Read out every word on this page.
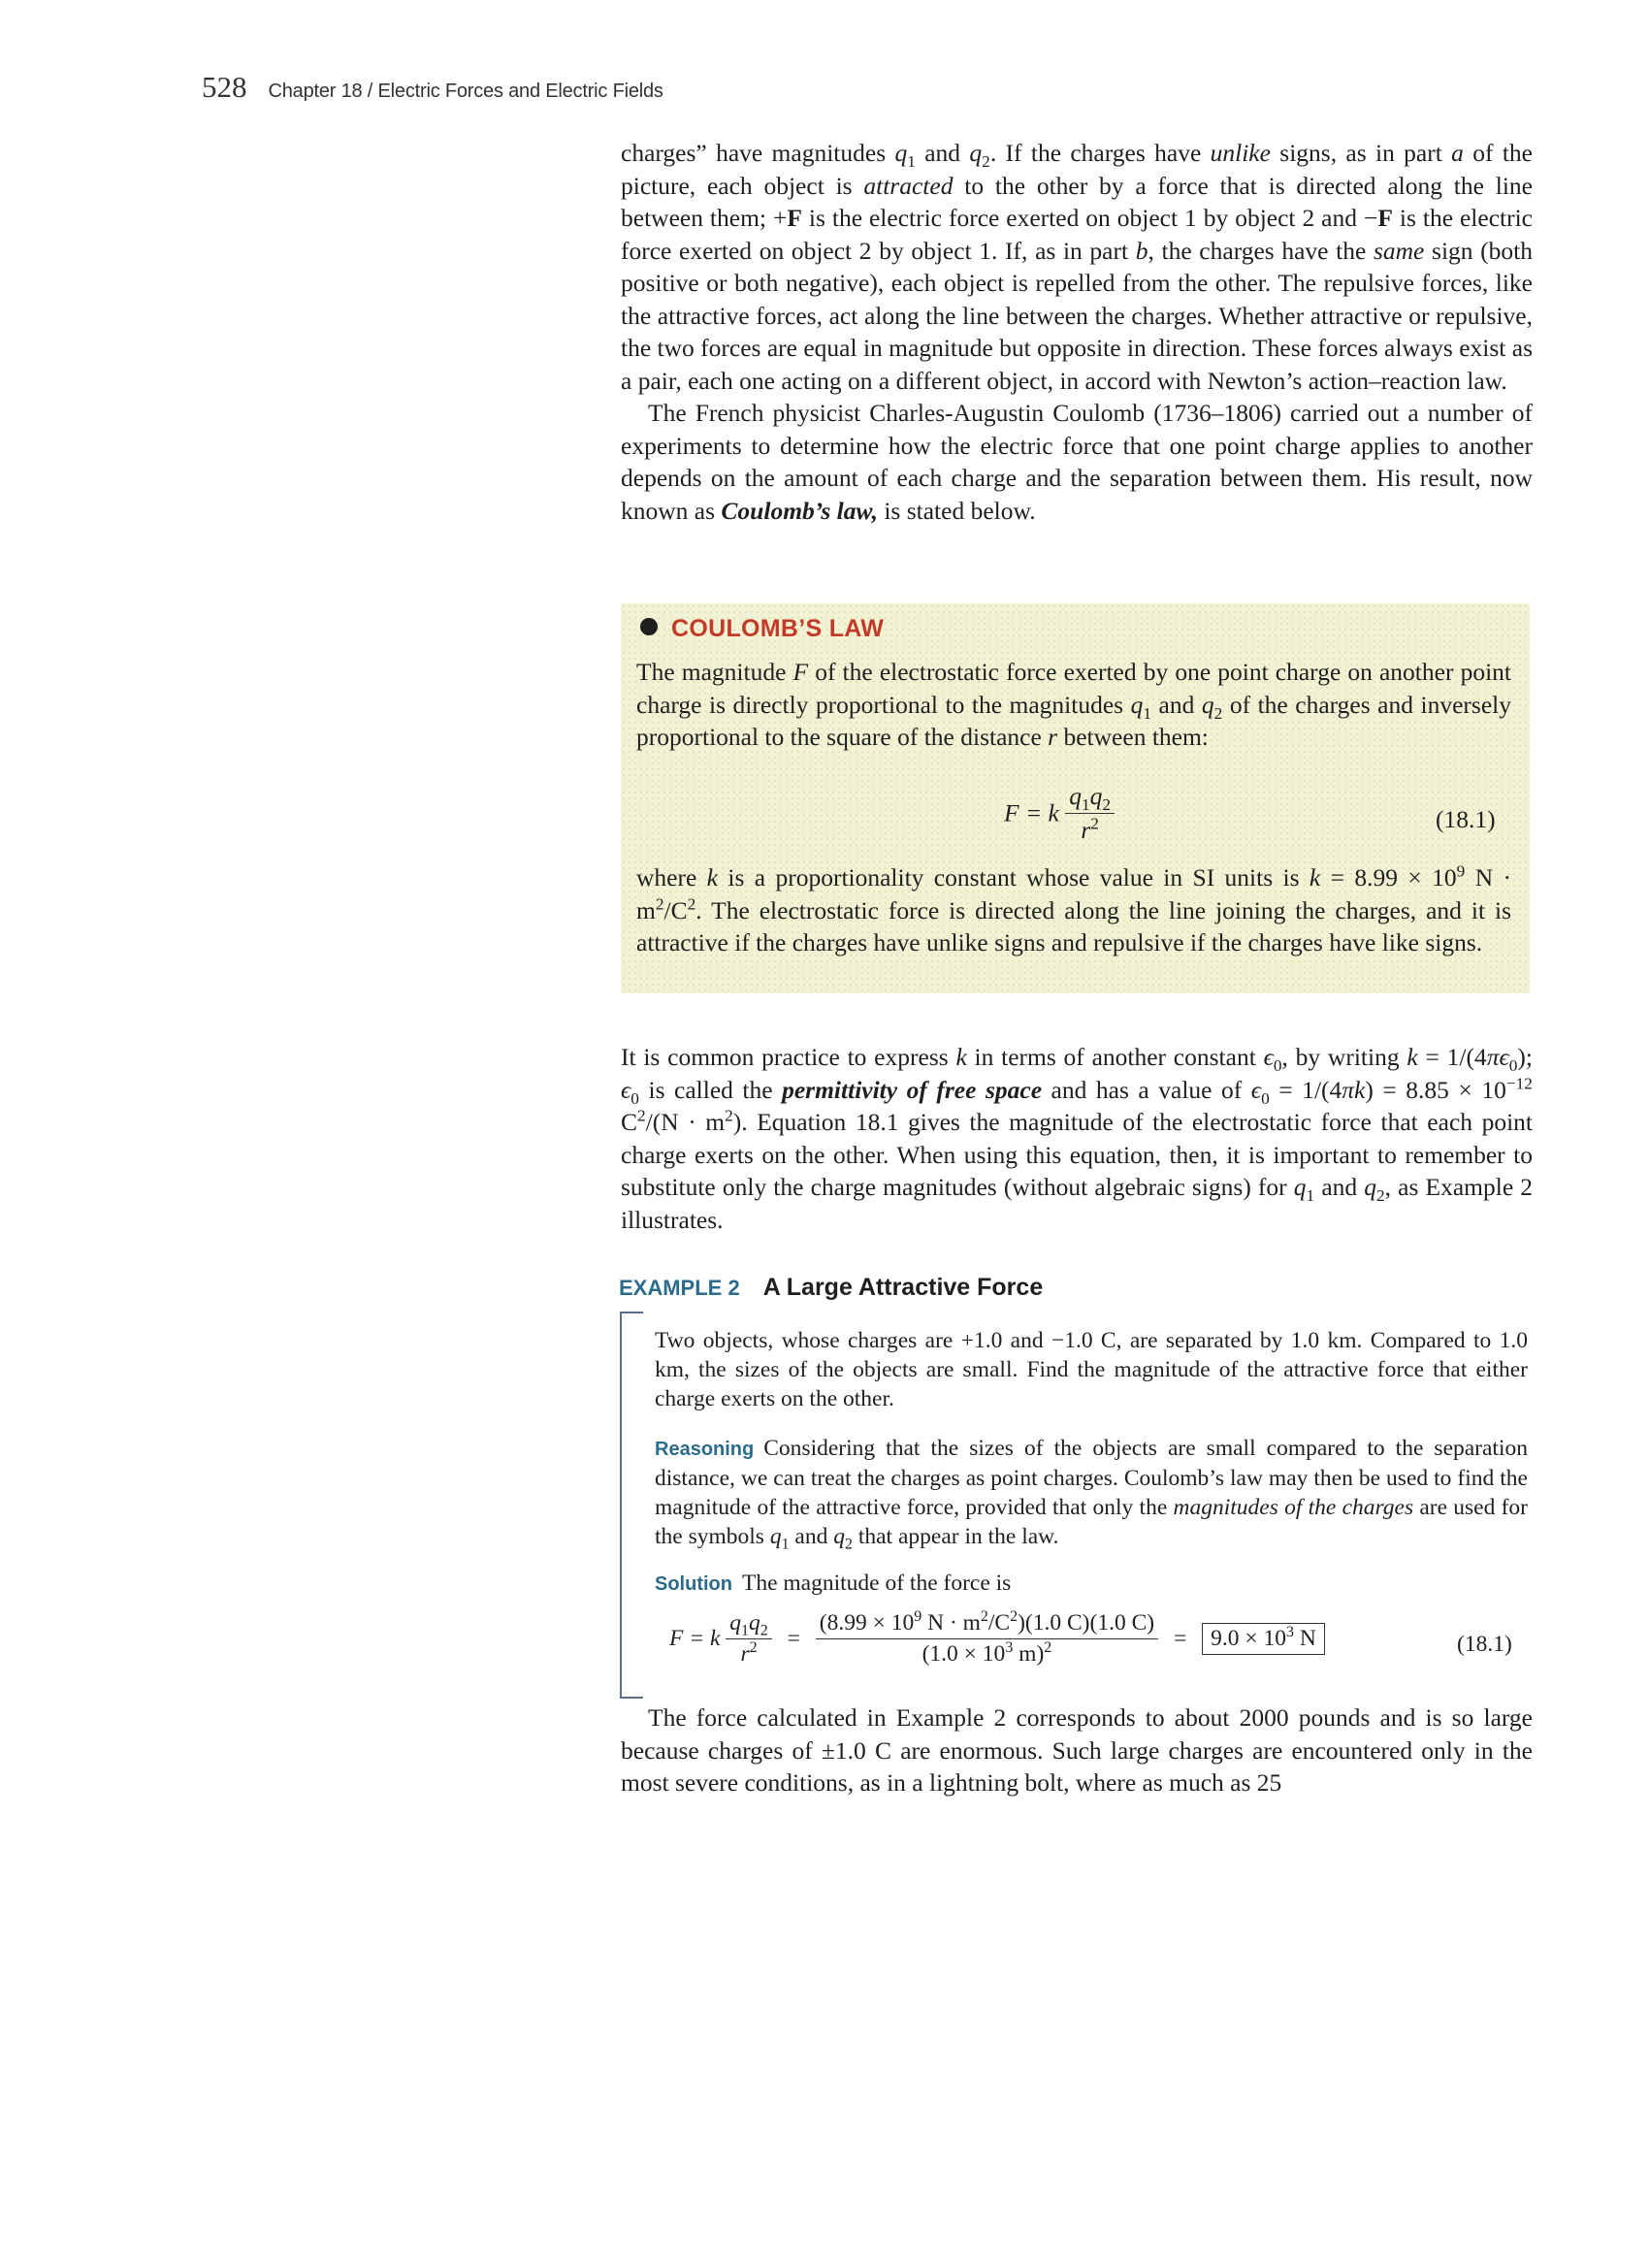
528 Chapter 18 / Electric Forces and Electric Fields

charges” have magnitudes $q_1$ and $q_2$. If the charges have unlike signs, as in part a of the picture, each object is attracted to the other by a force that is directed along the line between them; +F is the electric force exerted on object 1 by object 2 and −F is the electric force exerted on object 2 by object 1. If, as in part b, the charges have the same sign (both positive or both negative), each object is repelled from the other. The repulsive forces, like the attractive forces, act along the line between the charges. Whether attractive or repulsive, the two forces are equal in magnitude but opposite in direction. These forces always exist as a pair, each one acting on a different object, in accord with Newton’s action–reaction law.

The French physicist Charles-Augustin Coulomb (1736–1806) carried out a number of experiments to determine how the electric force that one point charge applies to another depends on the amount of each charge and the separation between them. His result, now known as Coulomb’s law, is stated below.

COULOMB’S LAW

The magnitude F of the electrostatic force exerted by one point charge on another point charge is directly proportional to the magnitudes $q_1$ and $q_2$ of the charges and inversely proportional to the square of the distance r between them:

F = k $\frac{q_1q_2}{r^2}$	(18.1)

where k is a proportionality constant whose value in SI units is $k = 8.99 \times 10^9$ $N \cdot m^2/C^2$. The electrostatic force is directed along the line joining the charges, and it is attractive if the charges have unlike signs and repulsive if the charges have like signs.

It is common practice to express k in terms of another constant $\epsilon_0$, by writing $k = 1/(4\pi\epsilon_0)$; $\epsilon_0$ is called the permittivity of free space and has a value of $\epsilon_0 = 1/(4\pi k) = 8.85 \times 10^{-12}$ $C^2/(N \cdot m^2)$. Equation 18.1 gives the magnitude of the electrostatic force that each point charge exerts on the other. When using this equation, then, it is important to remember to substitute only the charge magnitudes (without algebraic signs) for $q_1$ and $q_2$, as Example 2 illustrates.

EXAMPLE 2 A Large Attractive Force

Two objects, whose charges are +1.0 and −1.0 C, are separated by 1.0 km. Compared to 1.0 km, the sizes of the objects are small. Find the magnitude of the attractive force that either charge exerts on the other.

Reasoning Considering that the sizes of the objects are small compared to the separation distance, we can treat the charges as point charges. Coulomb’s law may then be used to find the magnitude of the attractive force, provided that only the magnitudes of the charges are used for the symbols $q_1$ and $q_2$ that appear in the law.

Solution The magnitude of the force is

F = k $\frac{q_1q_2}{r^2} = \frac{(8.99 \times 10^9 N \cdot m^2/C^2)(1.0 C)(1.0 C)}{(1.0 \times 10^3 m)^2} = 9.0 \times 10^3$ N	(18.1)

The force calculated in Example 2 corresponds to about 2000 pounds and is so large because charges of ±1.0 C are enormous. Such large charges are encountered only in the most severe conditions, as in a lightning bolt, where as much as 25
